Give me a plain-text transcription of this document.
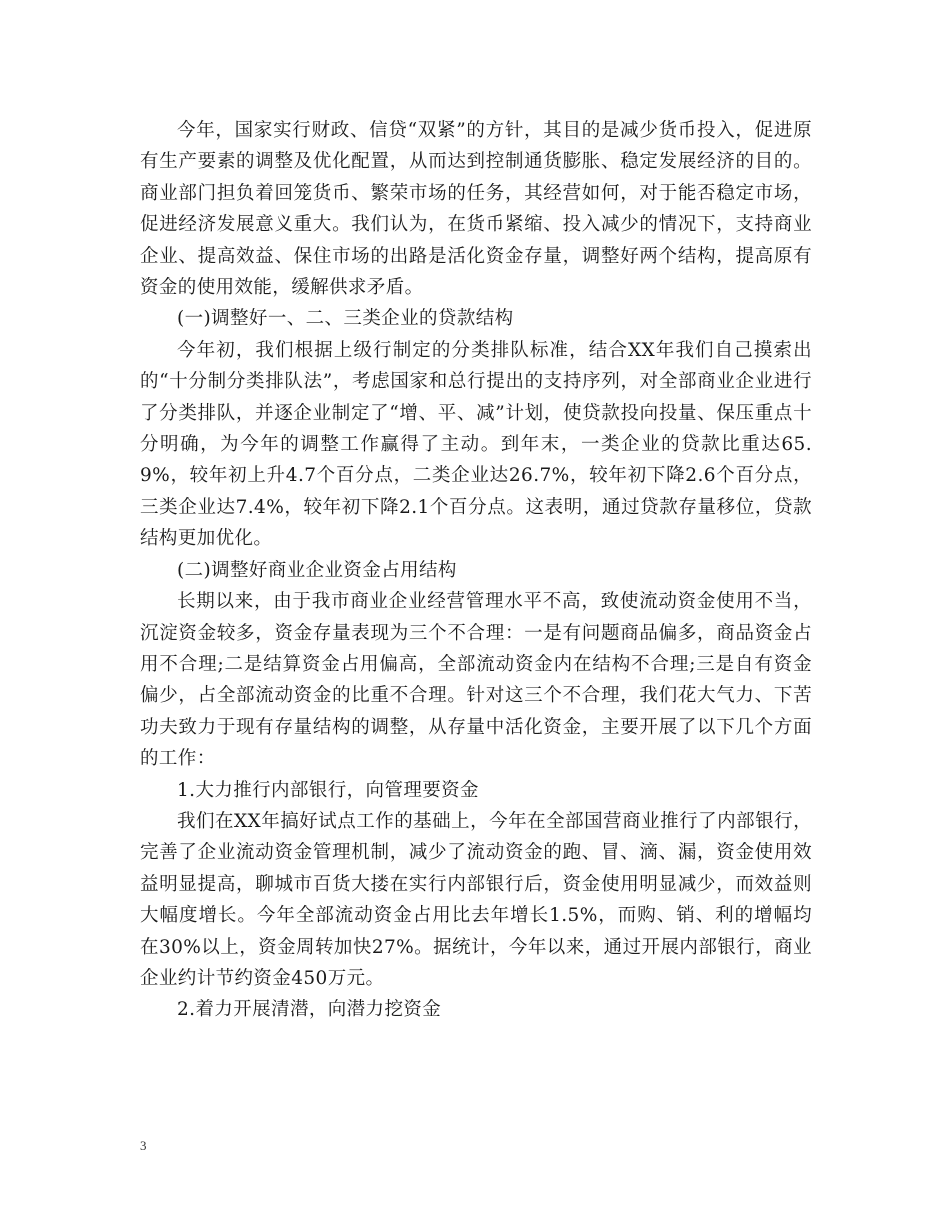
今年，国家实行财政、信贷“双紧”的方针，其目的是减少货币投入，促进原有生产要素的调整及优化配置，从而达到控制通货膨胀、稳定发展经济的目的。商业部门担负着回笼货币、繁荣市场的任务，其经营如何，对于能否稳定市场，促进经济发展意义重大。我们认为，在货币紧缩、投入减少的情况下，支持商业企业、提高效益、保住市场的出路是活化资金存量，调整好两个结构，提高原有资金的使用效能，缓解供求矛盾。

(一)调整好一、二、三类企业的贷款结构

今年初，我们根据上级行制定的分类排队标准，结合XX年我们自己摸索出的“十分制分类排队法”，考虑国家和总行提出的支持序列，对全部商业企业进行了分类排队，并逐企业制定了“增、平、减”计划，使贷款投向投量、保压重点十分明确，为今年的调整工作赢得了主动。到年末，一类企业的贷款比重达65.9%，较年初上升4.7个百分点，二类企业达26.7%，较年初下降2.6个百分点，三类企业达7.4%，较年初下降2.1个百分点。这表明，通过贷款存量移位，贷款结构更加优化。

(二)调整好商业企业资金占用结构

长期以来，由于我市商业企业经营管理水平不高，致使流动资金使用不当，沉淀资金较多，资金存量表现为三个不合理：一是有问题商品偏多，商品资金占用不合理;二是结算资金占用偏高，全部流动资金内在结构不合理;三是自有资金偏少，占全部流动资金的比重不合理。针对这三个不合理，我们花大气力、下苦功夫致力于现有存量结构的调整，从存量中活化资金，主要开展了以下几个方面的工作：

1.大力推行内部银行，向管理要资金

我们在XX年搞好试点工作的基础上，今年在全部国营商业推行了内部银行，完善了企业流动资金管理机制，减少了流动资金的跑、冒、滴、漏，资金使用效益明显提高，聊城市百货大搂在实行内部银行后，资金使用明显减少，而效益则大幅度增长。今年全部流动资金占用比去年增长1.5%，而购、销、利的增幅均在30%以上，资金周转加快27%。据统计，今年以来，通过开展内部银行，商业企业约计节约资金450万元。

2.着力开展清潜，向潜力挖资金

3
